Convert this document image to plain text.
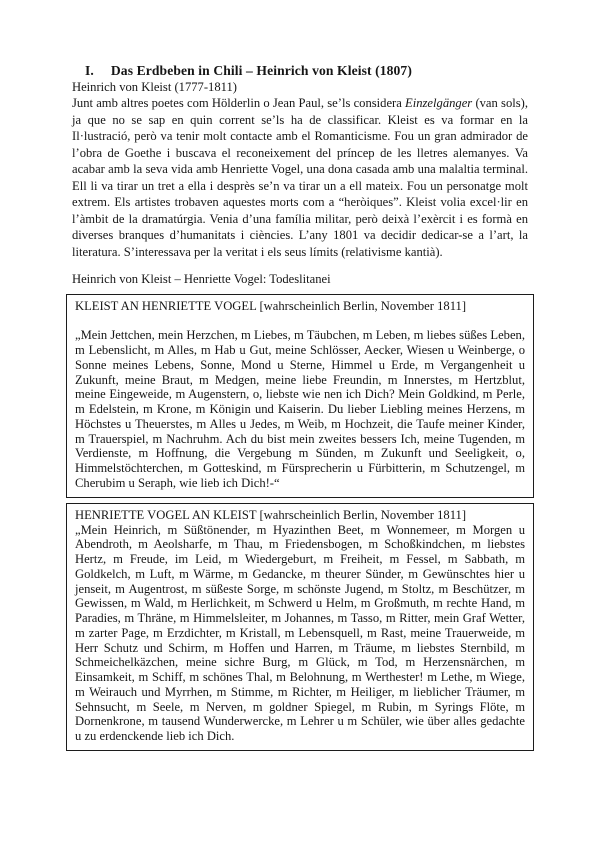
I. Das Erdbeben in Chili – Heinrich von Kleist (1807)
Heinrich von Kleist (1777-1811)

Junt amb altres poetes com Hölderlin o Jean Paul, se’ls considera Einzelgänger (van sols), ja que no se sap en quin corrent se’ls ha de classificar. Kleist es va formar en la Il·lustració, però va tenir molt contacte amb el Romanticisme. Fou un gran admirador de l’obra de Goethe i buscava el reconeixement del príncep de les lletres alemanyes. Va acabar amb la seva vida amb Henriette Vogel, una dona casada amb una malaltia terminal. Ell li va tirar un tret a ella i desprès se’n va tirar un a ell mateix. Fou un personatge molt extrem. Els artistes trobaven aquestes morts com a “heròiques”. Kleist volia excel·lir en l’àmbit de la dramatúrgia. Venia d’una família militar, però deixà l’exèrcit i es formà en diverses branques d’humanitats i ciències. L’any 1801 va decidir dedicar-se a l’art, la literatura. S’interessava per la veritat i els seus límits (relativisme kantià).

Heinrich von Kleist – Henriette Vogel: Todeslitanei

KLEIST AN HENRIETTE VOGEL [wahrscheinlich Berlin, November 1811]

„Mein Jettchen, mein Herzchen, m Liebes, m Täubchen, m Leben, m liebes süßes Leben, m Lebenslicht, m Alles, m Hab u Gut, meine Schlösser, Aecker, Wiesen u Weinberge, o Sonne meines Lebens, Sonne, Mond u Sterne, Himmel u Erde, m Vergangenheit u Zukunft, meine Braut, m Medgen, meine liebe Freundin, m Innerstes, m Hertzblut, meine Eingeweide, m Augenstern, o, liebste wie nen ich Dich? Mein Goldkind, m Perle, m Edelstein, m Krone, m Königin und Kaiserin. Du lieber Liebling meines Herzens, m Höchstes u Theuerstes, m Alles u Jedes, m Weib, m Hochzeit, die Taufe meiner Kinder, m Trauerspiel, m Nachruhm. Ach du bist mein zweites bessers Ich, meine Tugenden, m Verdienste, m Hoffnung, die Vergebung m Sünden, m Zukunft und Seeligkeit, o, Himmelstöchterchen, m Gotteskind, m Fürsprecherin u Fürbitterin, m Schutzengel, m Cherubim u Seraph, wie lieb ich Dich!-“

HENRIETTE VOGEL AN KLEIST [wahrscheinlich Berlin, November 1811]

„Mein Heinrich, m Süßtönender, m Hyazinthen Beet, m Wonnemeer, m Morgen u Abendroth, m Aeolsharfe, m Thau, m Friedensbogen, m Schoßkindchen, m liebstes Hertz, m Freude, im Leid, m Wiedergeburt, m Freiheit, m Fessel, m Sabbath, m Goldkelch, m Luft, m Wärme, m Gedancke, m theurer Sünder, m Gewünschtes hier u jenseit, m Augentrost, m süßeste Sorge, m schönste Jugend, m Stoltz, m Beschützer, m Gewissen, m Wald, m Herlichkeit, m Schwerd u Helm, m Großmuth, m rechte Hand, m Paradies, m Thräne, m Himmelsleiter, m Johannes, m Tasso, m Ritter, mein Graf Wetter, m zarter Page, m Erzdichter, m Kristall, m Lebensquell, m Rast, meine Trauerweide, m Herr Schutz und Schirm, m Hoffen und Harren, m Träume, m liebstes Sternbild, m Schmeichelkäzchen, meine sichre Burg, m Glück, m Tod, m Herzensnärchen, m Einsamkeit, m Schiff, m schönes Thal, m Belohnung, m Werthester! m Lethe, m Wiege, m Weirauch und Myrrhen, m Stimme, m Richter, m Heiliger, m lieblicher Träumer, m Sehnsucht, m Seele, m Nerven, m goldner Spiegel, m Rubin, m Syrings Flöte, m Dornenkrone, m tausend Wunderwercke, m Lehrer u m Schüler, wie über alles gedachte u zu erdenckende lieb ich Dich.
